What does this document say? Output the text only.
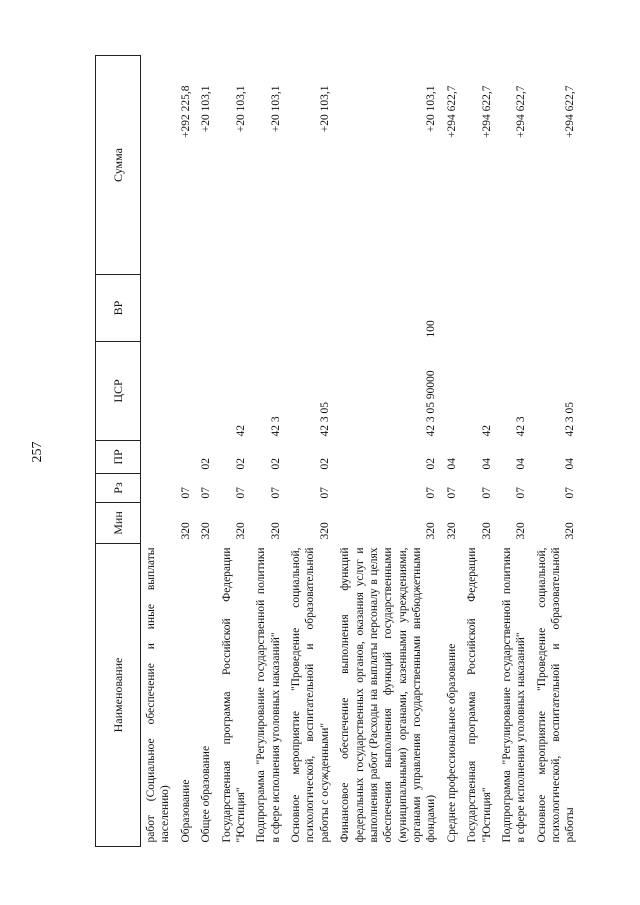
257
Наименование	Мин	Рз	ПР	ЦСР	ВР	Сумма
работ (Социальное обеспечение и иные выплаты населению)						
Образование	320	07				+292 225,8
Общее образование	320	07	02			+20 103,1
Государственная программа Российской Федерации "Юстиция"	320	07	02	42		+20 103,1
Подпрограмма "Регулирование государственной политики в сфере исполнения уголовных наказаний"	320	07	02	42 3		+20 103,1
Основное мероприятие "Проведение социальной, психологической, воспитательной и образовательной работы с осужденными"	320	07	02	42 3 05		+20 103,1
Финансовое обеспечение выполнения функций федеральных государственных органов, оказания услуг и выполнения работ (Расходы на выплаты персоналу в целях обеспечения выполнения функций государственными (муниципальными) органами, казенными учреждениями, органами управления государственными внебюджетными фондами)	320	07	02	42 3 05 90000	100	+20 103,1
Среднее профессиональное образование	320	07	04			+294 622,7
Государственная программа Российской Федерации "Юстиция"	320	07	04	42		+294 622,7
Подпрограмма "Регулирование государственной политики в сфере исполнения уголовных наказаний"	320	07	04	42 3		+294 622,7
Основное мероприятие "Проведение социальной, психологической, воспитательной и образовательной работы	320	07	04	42 3 05		+294 622,7
